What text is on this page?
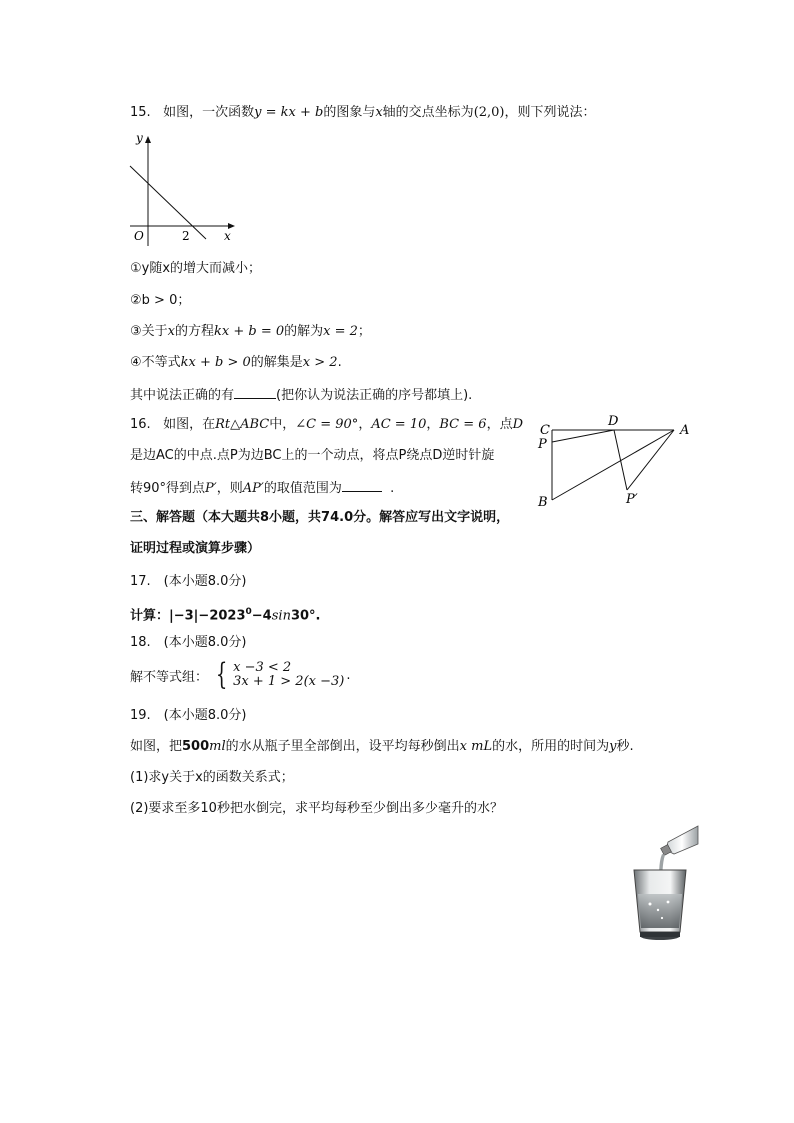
15. 如图，一次函数y = kx + b的图象与x轴的交点坐标为(2,0)，则下列说法：
y
x
O	2
①y随x的增大而减小；
②b > 0；
③关于x的方程kx + b = 0的解为x = 2；
④不等式kx + b > 0的解集是x > 2.
其中说法正确的有	(把你认为说法正确的序号都填上).
16. 如图，在Rt△ABC中，∠C = 90°，AC = 10，BC = 6，点D
是边AC的中点.点P为边BC上的一个动点，将点P绕点D逆时针旋
转90°得到点P′，则AP′的取值范围为	.
C
D
A
P
B	P′
三、解答题（本大题共8小题，共74.0分。解答应写出文字说明，
证明过程或演算步骤）
17.　(本小题8.0分)
计算：$|-3|-2023^0-4\sin 30^\circ$.
18.　(本小题8.0分)
解不等式组： { x −3 < 2
3x + 1 > 2(x −3) .
19.　(本小题8.0分)
如图，把500ml的水从瓶子里全部倒出，设平均每秒倒出x mL的水，所用的时间为y秒.
(1)求y关于x的函数关系式；
(2)要求至多10秒把水倒完，求平均每秒至少倒出多少毫升的水？
